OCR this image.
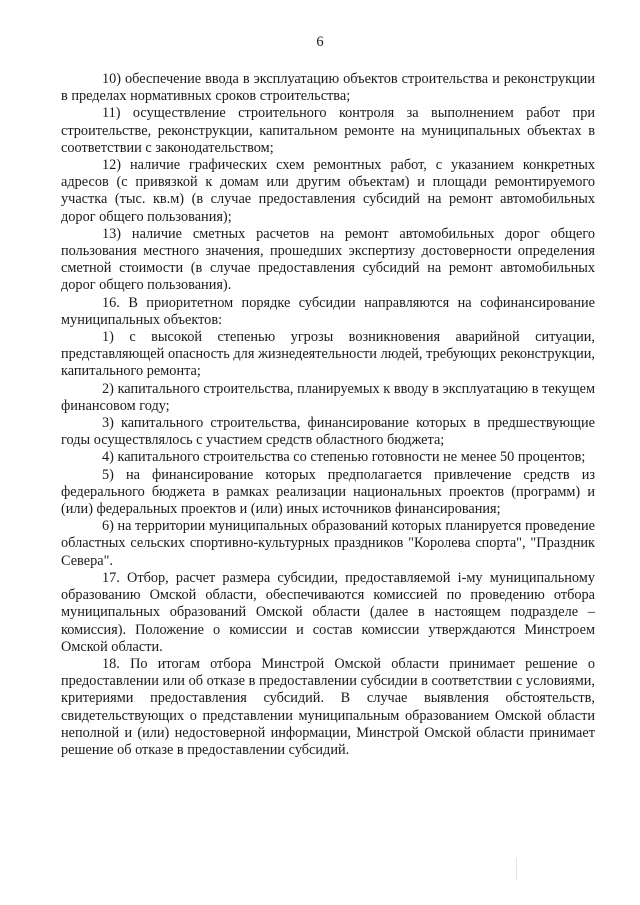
6

10) обеспечение ввода в эксплуатацию объектов строительства и реконструкции в пределах нормативных сроков строительства;

11) осуществление строительного контроля за выполнением работ при строительстве, реконструкции, капитальном ремонте на муниципальных объектах в соответствии с законодательством;

12) наличие графических схем ремонтных работ, с указанием конкретных адресов (с привязкой к домам или другим объектам) и площади ремонтируемого участка (тыс. кв.м) (в случае предоставления субсидий на ремонт автомобильных дорог общего пользования);

13) наличие сметных расчетов на ремонт автомобильных дорог общего пользования местного значения, прошедших экспертизу достоверности определения сметной стоимости (в случае предоставления субсидий на ремонт автомобильных дорог общего пользования).

16. В приоритетном порядке субсидии направляются на софинансирование муниципальных объектов:

1) с высокой степенью угрозы возникновения аварийной ситуации, представляющей опасность для жизнедеятельности людей, требующих реконструкции, капитального ремонта;

2) капитального строительства, планируемых к вводу в эксплуатацию в текущем финансовом году;

3) капитального строительства, финансирование которых в предшествующие годы осуществлялось с участием средств областного бюджета;

4) капитального строительства со степенью готовности не менее 50 процентов;

5) на финансирование которых предполагается привлечение средств из федерального бюджета в рамках реализации национальных проектов (программ) и (или) федеральных проектов и (или) иных источников финансирования;

6) на территории муниципальных образований которых планируется проведение областных сельских спортивно-культурных праздников "Королева спорта", "Праздник Севера".

17. Отбор, расчет размера субсидии, предоставляемой i-му муниципальному образованию Омской области, обеспечиваются комиссией по проведению отбора муниципальных образований Омской области (далее в настоящем подразделе – комиссия). Положение о комиссии и состав комиссии утверждаются Минстроем Омской области.

18. По итогам отбора Минстрой Омской области принимает решение о предоставлении или об отказе в предоставлении субсидии в соответствии с условиями, критериями предоставления субсидий. В случае выявления обстоятельств, свидетельствующих о представлении муниципальным образованием Омской области неполной и (или) недостоверной информации, Минстрой Омской области принимает решение об отказе в предоставлении субсидий.
